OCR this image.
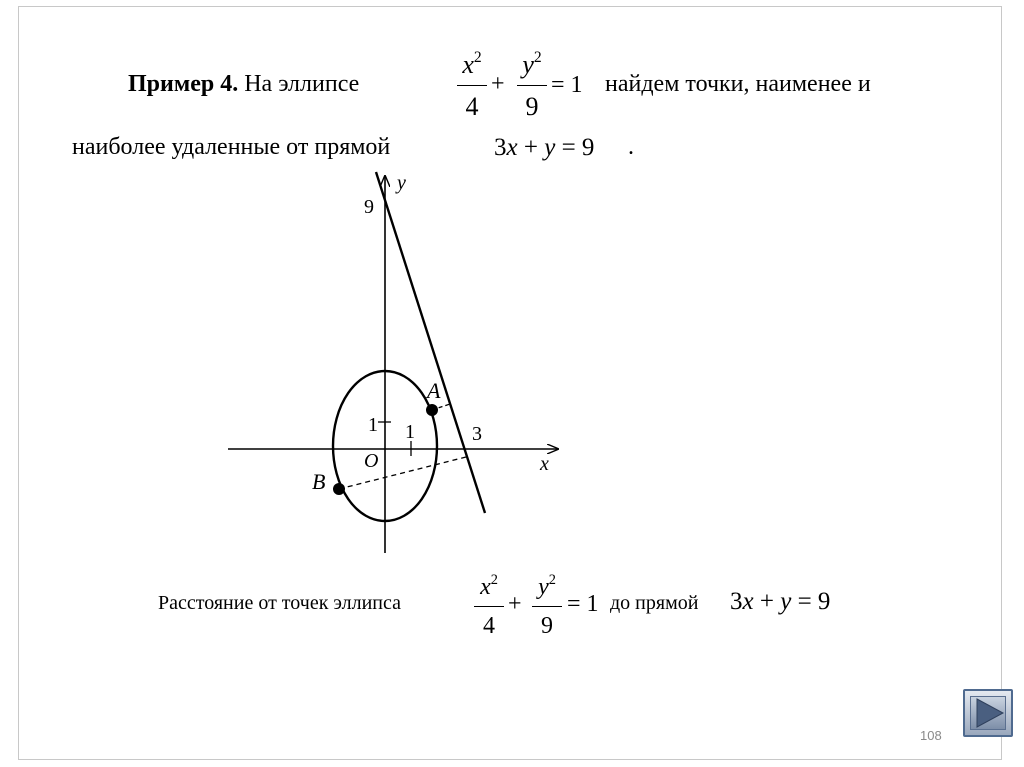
Пример 4. На эллипсе
$x^2$
4
+
$y^2$
9
= 1 найдем точки, наименее и
наиболее удаленные от прямой	3x + y = 9 .
y
x
O
9
1 1	3
A
B
Расстояние от точек эллипса
$x^2$
4
+
$y^2$
9
= 1 до прямой 3x + y = 9
108
